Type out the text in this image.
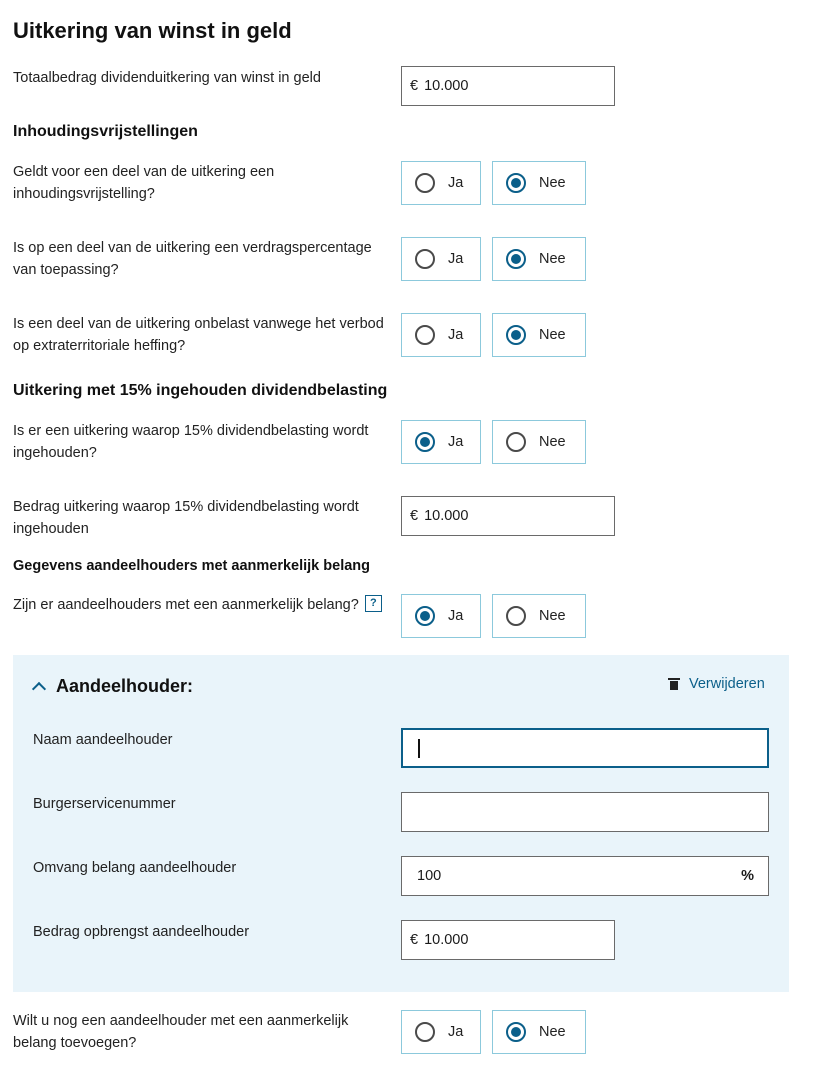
Uitkering van winst in geld
Totaalbedrag dividenduitkering van winst in geld	€ 10.000
Inhoudingsvrijstellingen
Geldt voor een deel van de uitkering een inhoudingsvrijstelling?
Ja	Nee
Is op een deel van de uitkering een verdragspercentage van toepassing?
Ja	Nee
Is een deel van de uitkering onbelast vanwege het verbod op extraterritoriale heffing?
Ja	Nee
Uitkering met 15% ingehouden dividendbelasting
Is er een uitkering waarop 15% dividendbelasting wordt ingehouden?
Ja	Nee
Bedrag uitkering waarop 15% dividendbelasting wordt ingehouden
€ 10.000
Gegevens aandeelhouders met aanmerkelijk belang
Zijn er aandeelhouders met een aanmerkelijk belang? ?
Ja	Nee
Aandeelhouder:	Verwijderen
Naam aandeelhouder
Burgerservicenummer
Omvang belang aandeelhouder	100	%
Bedrag opbrengst aandeelhouder	€ 10.000
Wilt u nog een aandeelhouder met een aanmerkelijk belang toevoegen?
Ja	Nee
